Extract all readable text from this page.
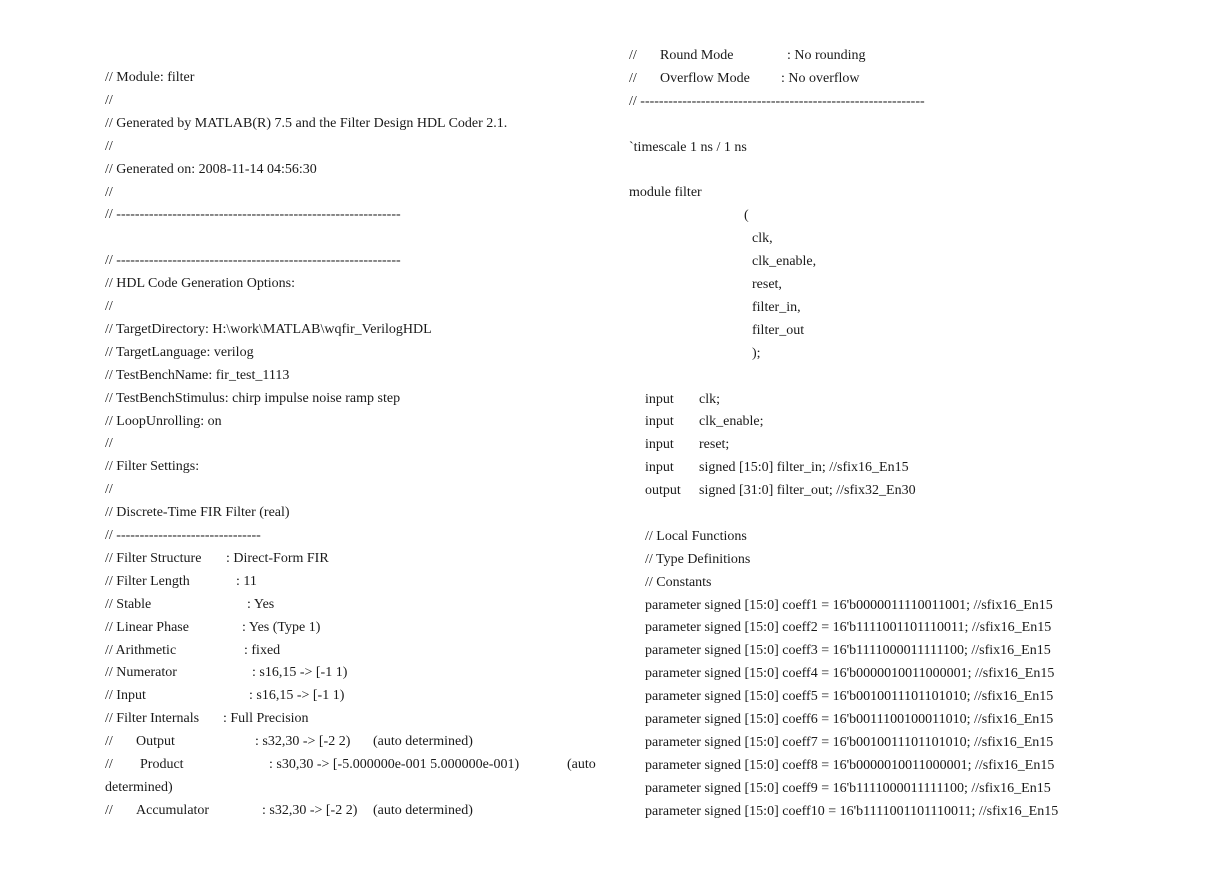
// Module: filter
//
// Generated by MATLAB(R) 7.5 and the Filter Design HDL Coder 2.1.
//
// Generated on: 2008-11-14 04:56:30
//
// -------------------------------------------------------------
// -------------------------------------------------------------
// HDL Code Generation Options:
//
// TargetDirectory: H:\work\MATLAB\wqfir_VerilogHDL
// TargetLanguage: verilog
// TestBenchName: fir_test_1113
// TestBenchStimulus: chirp impulse noise ramp step
// LoopUnrolling: on
//
// Filter Settings:
//
// Discrete-Time FIR Filter (real)
// -------------------------------
// Filter Structure : Direct-Form FIR
// Filter Length	: 11
// Stable	: Yes
// Linear Phase	: Yes (Type 1)
// Arithmetic	: fixed
// Numerator	: s16,15 -> [-1 1)
// Input	: s16,15 -> [-1 1)
// Filter Internals : Full Precision
// Output	: s32,30 -> [-2 2) (auto determined)
// Product	: s30,30 -> [-5.000000e-001 5.000000e-001)	(auto
determined)
// Accumulator	: s32,30 -> [-2 2) (auto determined)
// Round Mode	: No rounding
// Overflow Mode : No overflow
// -------------------------------------------------------------
`timescale 1 ns / 1 ns
module filter
(
clk,
clk_enable,
reset,
filter_in,
filter_out
);
input clk;
input clk_enable;
input reset;
input signed [15:0] filter_in; //sfix16_En15
output signed [31:0] filter_out; //sfix32_En30
// Local Functions
// Type Definitions
// Constants
parameter signed [15:0] coeff1 = 16'b0000011110011001; //sfix16_En15
parameter signed [15:0] coeff2 = 16'b1111001101110011; //sfix16_En15
parameter signed [15:0] coeff3 = 16'b1111000011111100; //sfix16_En15
parameter signed [15:0] coeff4 = 16'b0000010011000001; //sfix16_En15
parameter signed [15:0] coeff5 = 16'b0010011101101010; //sfix16_En15
parameter signed [15:0] coeff6 = 16'b0011100100011010; //sfix16_En15
parameter signed [15:0] coeff7 = 16'b0010011101101010; //sfix16_En15
parameter signed [15:0] coeff8 = 16'b0000010011000001; //sfix16_En15
parameter signed [15:0] coeff9 = 16'b1111000011111100; //sfix16_En15
parameter signed [15:0] coeff10 = 16'b1111001101110011; //sfix16_En15
